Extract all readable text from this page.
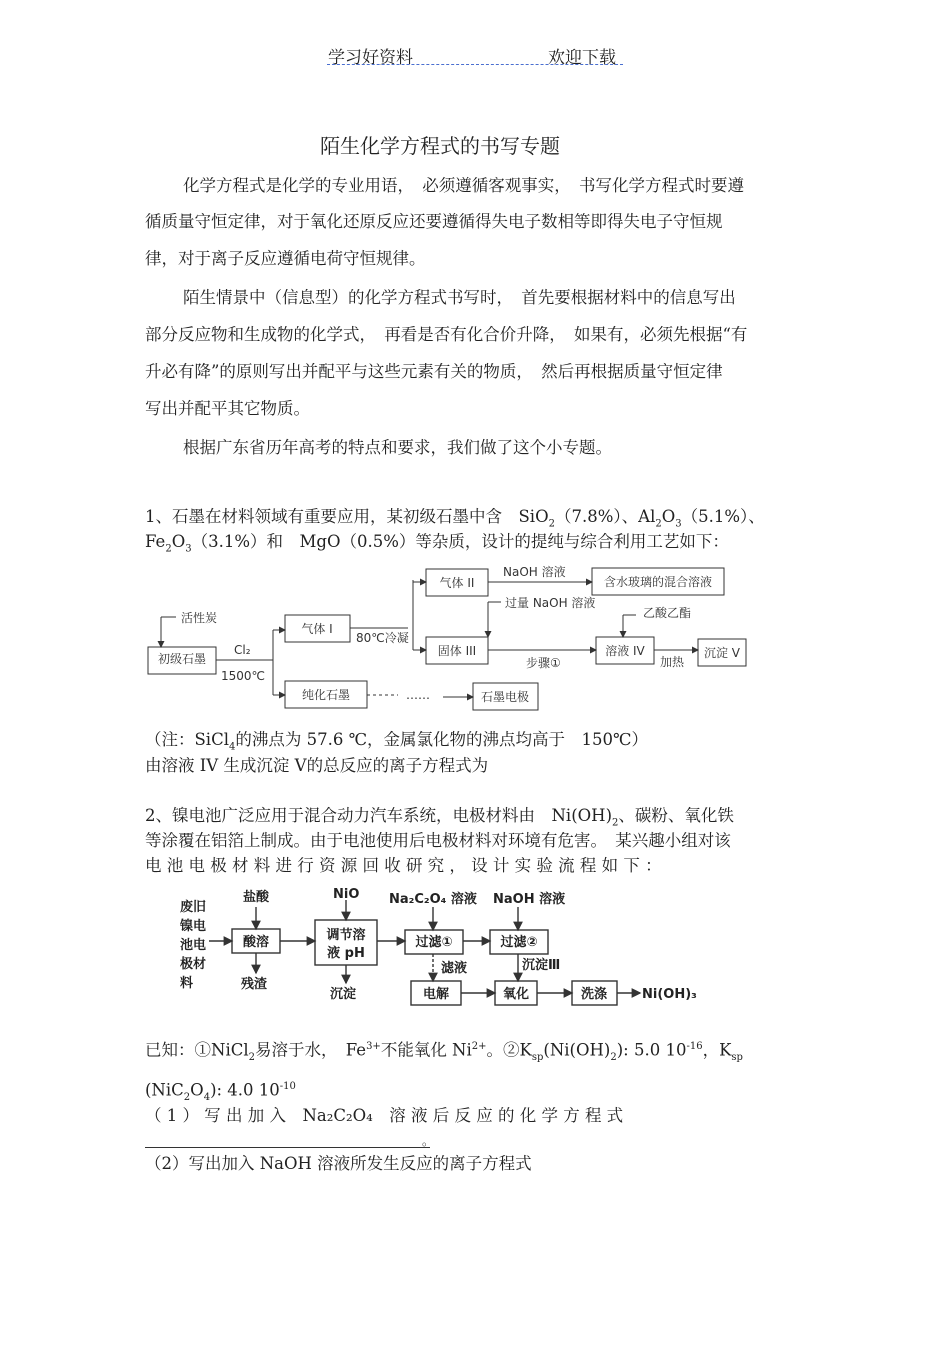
学习好资料	欢迎下载
陌生化学方程式的书写专题
化学方程式是化学的专业用语，　必须遵循客观事实，　书写化学方程式时要遵
循质量守恒定律，对于氧化还原反应还要遵循得失电子数相等即得失电子守恒规
律，对于离子反应遵循电荷守恒规律。
陌生情景中（信息型）的化学方程式书写时，　首先要根据材料中的信息写出
部分反应物和生成物的化学式，　再看是否有化合价升降，　如果有，必须先根据“有
升必有降”的原则写出并配平与这些元素有关的物质，　然后再根据质量守恒定律
写出并配平其它物质。
根据广东省历年高考的特点和要求，我们做了这个小专题。
1、石墨在材料领域有重要应用，某初级石墨中含　SiO$_2$（7.8%）、$Al_2O_3(5.1\%)$、
$Fe_2O_3(3.1\%)$和　MgO（0.5%）等杂质，设计的提纯与综合利用工艺如下：
初级石墨
活性炭
Cl₂
1500℃
气体 I
80℃冷凝
气体 II
NaOH 溶液
含水玻璃的混合溶液
固体 III
过量 NaOH 溶液
步骤①
溶液 IV
乙酸乙酯
加热
沉淀 V
纯化石墨	……	石墨电极
（注：SiCl$_4$的沸点为 57.6 ℃，金属氯化物的沸点均高于　150℃）
由溶液 IV 生成沉淀 V的总反应的离子方程式为
2、镍电池广泛应用于混合动力汽车系统，电极材料由　$Ni(OH)_2$、碳粉、氧化铁
等涂覆在铝箔上制成。由于电池使用后电极材料对环境有危害。　某兴趣小组对该
电 池 电 极 材 料 进 行 资 源 回 收 研 究 ， 设 计 实 验 流 程 如 下 ：
废旧
镍电
池电
极材
料
盐酸
酸溶
残渣
NiO
调节溶
液 pH
沉淀
Na₂C₂O₄ 溶液 NaOH 溶液
过滤①	过滤②
滤液	沉淀Ⅲ
电解	氧化	洗涤	Ni(OH)₃
已知：①NiCl$_2$易溶于水，　$Fe^{3+}$不能氧化 $Ni^{2+}$。$②K_{sp}(Ni(OH)_2)$: 5.0 $10^{-16}$，$K_{sp}$
$(NiC_2O_4)$: 4.0 $10^{-10}$
（ 1 ） 写 出 加 入　Na₂C₂O₄　溶 液 后 反 应 的 化 学 方 程 式
。
（2）写出加入 NaOH 溶液所发生反应的离子方程式
